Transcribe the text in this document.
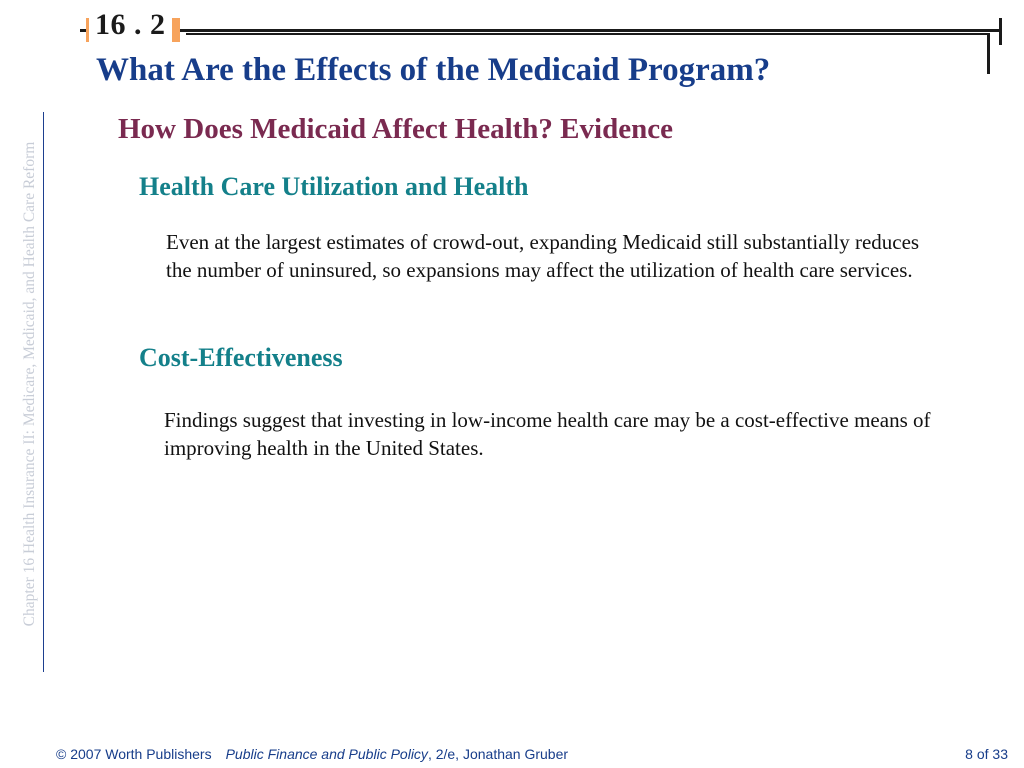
16 . 2
Chapter 16 Health Insurance II: Medicare, Medicaid, and Health Care Reform
What Are the Effects of the Medicaid Program?
How Does Medicaid Affect Health? Evidence
Health Care Utilization and Health
Even at the largest estimates of crowd-out, expanding Medicaid still substantially reduces the number of uninsured, so expansions may affect the utilization of health care services.
Cost-Effectiveness
Findings suggest that investing in low-income health care may be a cost-effective means of improving health in the United States.
© 2007 Worth Publishers Public Finance and Public Policy, 2/e, Jonathan Gruber	8 of 33
